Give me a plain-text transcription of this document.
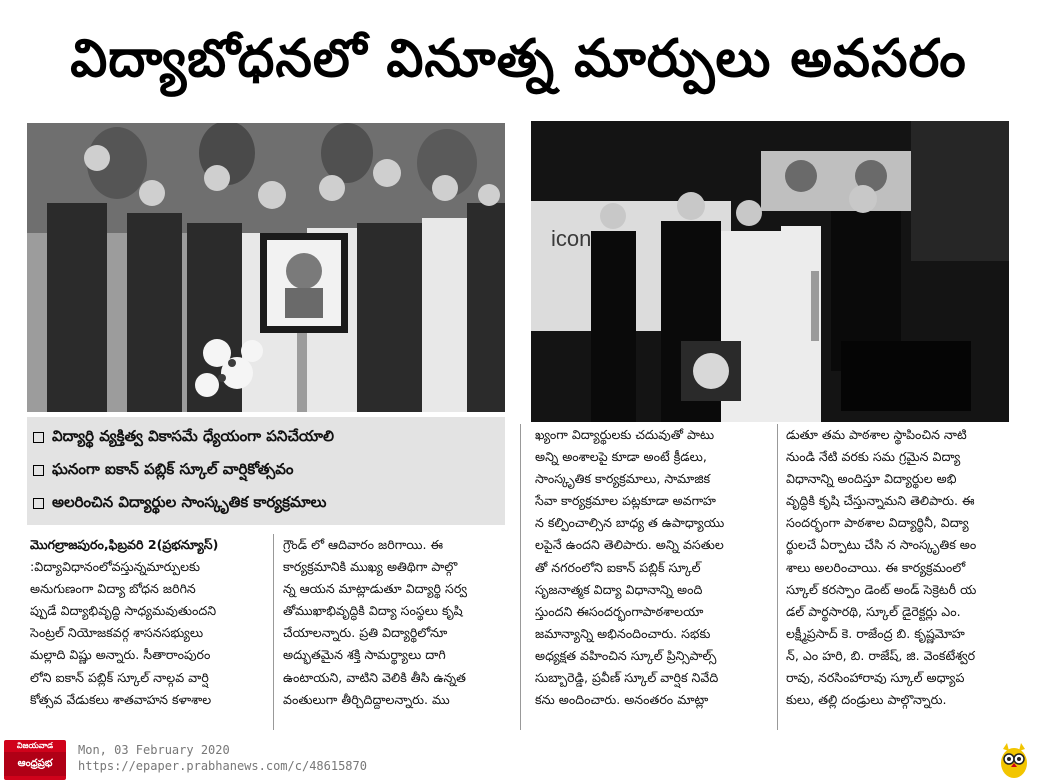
విద్యాబోధనలో వినూత్న మార్పులు అవసరం
icon
విద్యార్థి వ్యక్తిత్వ వికాసమే ధ్యేయంగా పనిచేయాలి
ఘనంగా ఐకాన్ పబ్లిక్ స్కూల్ వార్షికోత్సవం
అలరించిన విద్యార్థుల సాంస్కృతిక కార్యక్రమాలు

మొగల్రాజపురం,ఫిబ్రవరి 2(ప్రభన్యూస్)

:విద్యావిధానంలోవస్తున్నమార్పులకు

అనుగుణంగా విద్యా బోధన జరిగిన

ప్పుడే విద్యాభివృద్ధి సాధ్యమవుతుందని

సెంట్రల్ నియోజకవర్గ శాసనసభ్యులు

మల్లాది విష్ణు అన్నారు. సీతారాంపురం

లోని ఐకాన్ పబ్లిక్ స్కూల్ నాల్గవ వార్షి

కోత్సవ వేడుకలు శాతవాహన కళాశాల

గ్రౌండ్ లో ఆదివారం జరిగాయి. ఈ

కార్యక్రమానికి ముఖ్య అతిథిగా పాల్గొ

న్న ఆయన మాట్లాడుతూ విద్యార్థి సర్వ

తోముఖాభివృద్ధికి విద్యా సంస్థలు కృషి

చేయాలన్నారు. ప్రతి విద్యార్థిలోనూ

అద్భుతమైన శక్తి సామర్థ్యాలు దాగి

ఉంటాయని, వాటిని వెలికి తీసి ఉన్నత

వంతులుగా తీర్చిదిద్దాలన్నారు. ము

ఖ్యంగా విద్యార్థులకు చదువుతో పాటు

అన్ని అంశాలపై కూడా అంటే క్రీడలు,

సాంస్కృతిక కార్యక్రమాలు, సామాజిక

సేవా కార్యక్రమాల పట్లకూడా అవగాహ

న కల్పించాల్సిన బాధ్య త ఉపాధ్యాయు

లపైనే ఉందని తెలిపారు. అన్ని వసతుల

తో నగరంలోని ఐకాన్ పబ్లిక్ స్కూల్

సృజనాత్మక విద్యా విధానాన్ని అంది

స్తుందని ఈసందర్భంగాపాఠశాలయా

జమాన్యాన్ని అభినందించారు. సభకు

అధ్యక్షత వహించిన స్కూల్ ప్రిన్సిపాల్స్

సుబ్బారెడ్డి, ప్రవీణ్ స్కూల్ వార్షిక నివేది

కను అందించారు. అనంతరం మాట్లా

డుతూ తమ పాఠశాల స్థాపించిన నాటి

నుండి నేటి వరకు సమ గ్రమైన విద్యా

విధానాన్ని అందిస్తూ విద్యార్థుల అభి

వృద్ధికి కృషి చేస్తున్నామని తెలిపారు. ఈ

సందర్భంగా పాఠశాల విద్యార్థినీ, విద్యా

ర్థులచే ఏర్పాటు చేసి న సాంస్కృతిక అం

శాలు అలరించాయి. ఈ కార్యక్రమంలో

స్కూల్ కరస్పాం డెంట్ అండ్ సెక్రెటరీ య

డల్ పార్థసారథి, స్కూల్ డైరెక్టర్లు ఎం.

లక్ష్మీప్రసాద్ కె. రాజేంద్ర బి. కృష్ణమోహ

న్, ఎం హరి, బి. రాజేష్, జి. వెంకటేశ్వర

రావు, నరసింహారావు స్కూల్ అధ్యాప

కులు, తల్లి దండ్రులు పాల్గొన్నారు.

విజయవాడ
ఆంధ్రప్రభ
Mon, 03 February 2020
https://epaper.prabhanews.com/c/48615870
